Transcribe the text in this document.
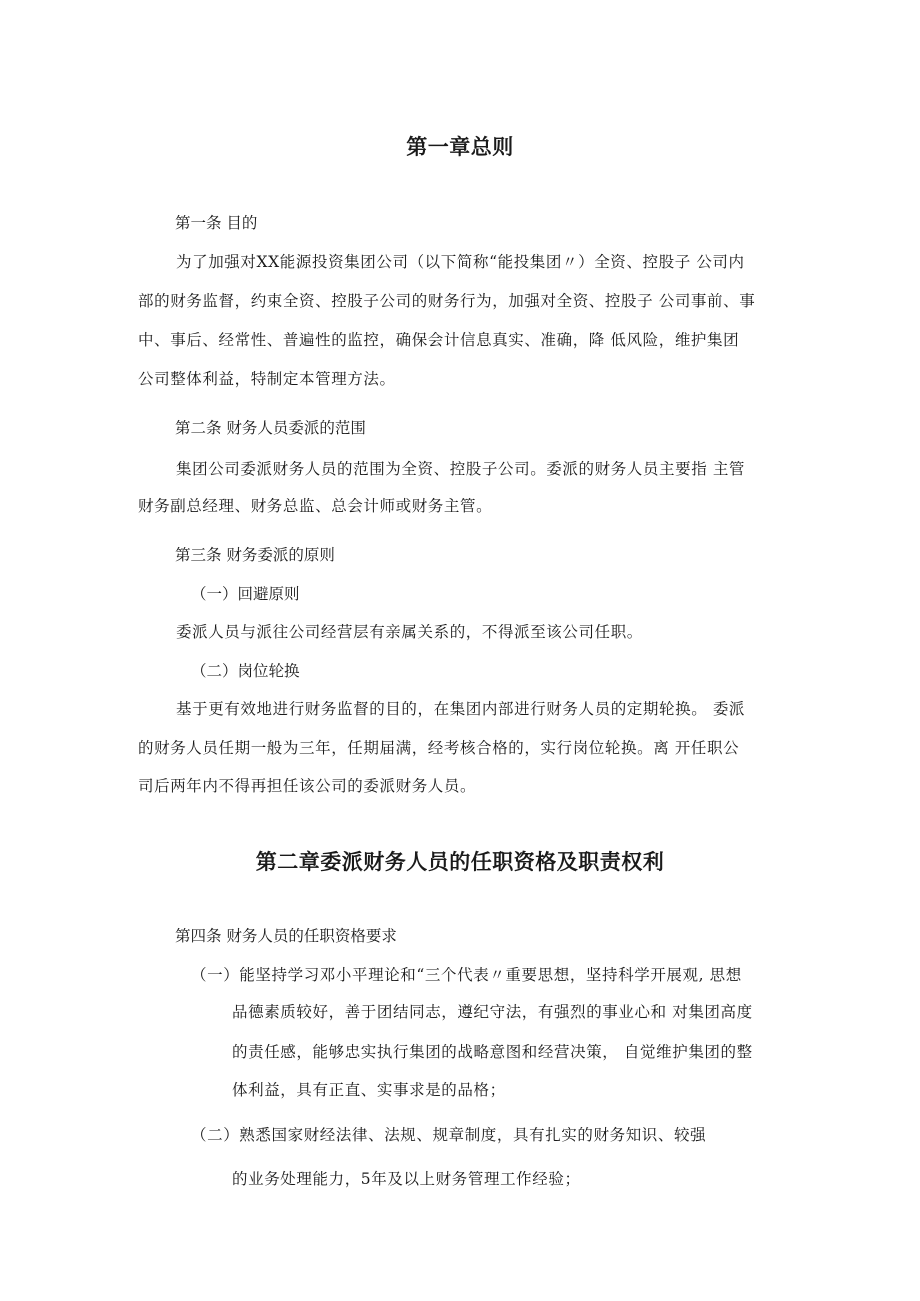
第一章总则

第一条 目的

为了加强对XX能源投资集团公司（以下简称“能投集团〃）全资、控股子 公司内

部的财务监督，约束全资、控股子公司的财务行为，加强对全资、控股子 公司事前、事

中、事后、经常性、普遍性的监控，确保会计信息真实、准确，降 低风险，维护集团

公司整体利益，特制定本管理方法。

第二条 财务人员委派的范围

集团公司委派财务人员的范围为全资、控股子公司。委派的财务人员主要指 主管

财务副总经理、财务总监、总会计师或财务主管。

第三条 财务委派的原则

（一）回避原则

委派人员与派往公司经营层有亲属关系的，不得派至该公司任职。

（二）岗位轮换

基于更有效地进行财务监督的目的，在集团内部进行财务人员的定期轮换。 委派

的财务人员任期一般为三年，任期届满，经考核合格的，实行岗位轮换。离 开任职公

司后两年内不得再担任该公司的委派财务人员。

第二章委派财务人员的任职资格及职责权利

第四条 财务人员的任职资格要求

（一）能坚持学习邓小平理论和“三个代表〃重要思想，坚持科学开展观, 思想

品德素质较好，善于团结同志，遵纪守法，有强烈的事业心和 对集团高度

的责任感，能够忠实执行集团的战略意图和经营决策， 自觉维护集团的整

体利益，具有正直、实事求是的品格；

（二）熟悉国家财经法律、法规、规章制度，具有扎实的财务知识、较强

的业务处理能力，5年及以上财务管理工作经验；
